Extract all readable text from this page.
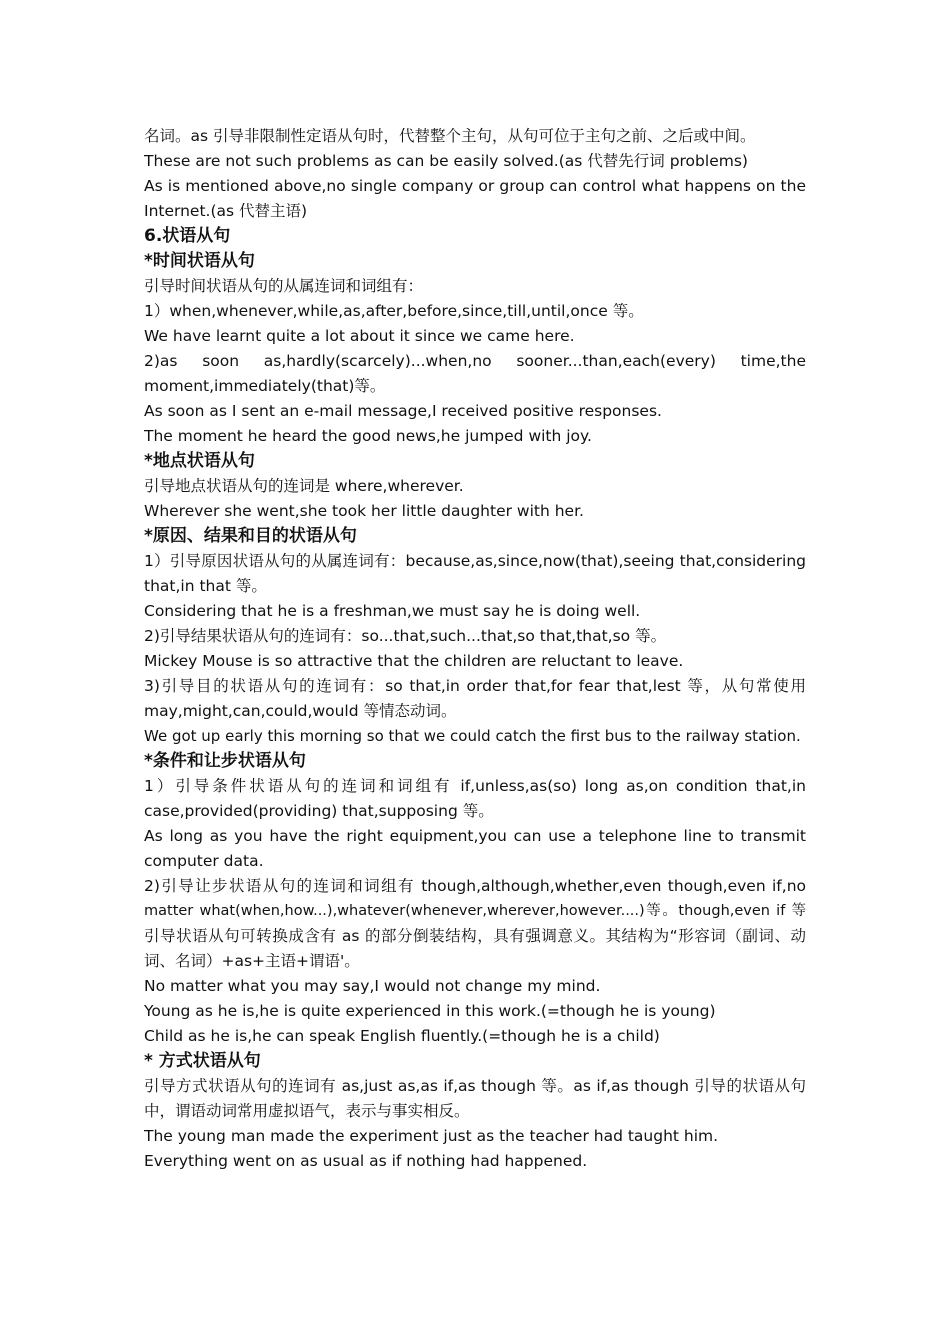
名词。as 引导非限制性定语从句时，代替整个主句，从句可位于主句之前、之后或中间。
These are not such problems as can be easily solved.(as 代替先行词 problems)
As is mentioned above,no single company or group can control what happens on the
Internet.(as 代替主语)
6.状语从句
*时间状语从句
引导时间状语从句的从属连词和词组有：
1）when,whenever,while,as,after,before,since,till,until,once 等。
We have learnt quite a lot about it since we came here.
2)as soon as,hardly(scarcely)...when,no sooner...than,each(every) time,the
moment,immediately(that)等。
As soon as I sent an e-mail message,I received positive responses.
The moment he heard the good news,he jumped with joy.
*地点状语从句
引导地点状语从句的连词是 where,wherever.
Wherever she went,she took her little daughter with her.
*原因、结果和目的状语从句
1）引导原因状语从句的从属连词有：because,as,since,now(that),seeing that,considering
that,in that 等。
Considering that he is a freshman,we must say he is doing well.
2)引导结果状语从句的连词有：so...that,such...that,so that,that,so 等。
Mickey Mouse is so attractive that the children are reluctant to leave.
3)引导目的状语从句的连词有：so that,in order that,for fear that,lest 等，从句常使用
may,might,can,could,would 等情态动词。
We got up early this morning so that we could catch the first bus to the railway station.
*条件和让步状语从句
1）引导条件状语从句的连词和词组有 if,unless,as(so) long as,on condition that,in
case,provided(providing) that,supposing 等。
As long as you have the right equipment,you can use a telephone line to transmit
computer data.
2)引导让步状语从句的连词和词组有 though,although,whether,even though,even if,no
matter what(when,how...),whatever(whenever,wherever,however....)等。though,even if 等
引导状语从句可转换成含有 as 的部分倒装结构，具有强调意义。其结构为“形容词（副词、动
词、名词）+as+主语+谓语'。
No matter what you may say,I would not change my mind.
Young as he is,he is quite experienced in this work.(=though he is young)
Child as he is,he can speak English fluently.(=though he is a child)
* 方式状语从句
引导方式状语从句的连词有 as,just as,as if,as though 等。as if,as though 引导的状语从句
中，谓语动词常用虚拟语气，表示与事实相反。
The young man made the experiment just as the teacher had taught him.
Everything went on as usual as if nothing had happened.
